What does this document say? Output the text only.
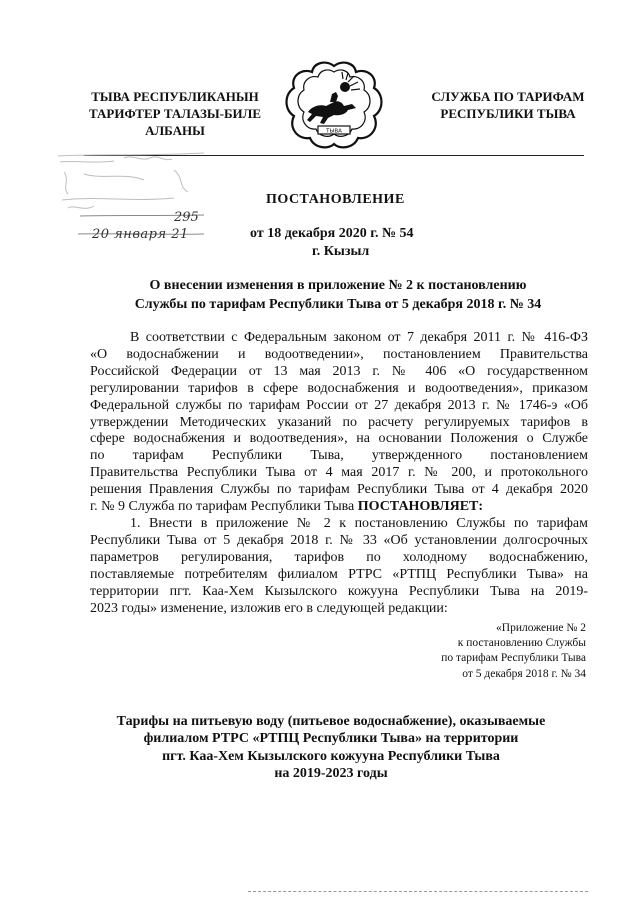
ТЫВА РЕСПУБЛИКАНЫН
ТАРИФТЕР ТАЛАЗЫ-БИЛЕ
АЛБАНЫ	ТЫВА
СЛУЖБА ПО ТАРИФАМ
РЕСПУБЛИКИ ТЫВА
295
20 января 21
ПОСТАНОВЛЕНИЕ
от 18 декабря 2020 г. № 54
г. Кызыл
О внесении изменения в приложение № 2 к постановлению
Службы по тарифам Республики Тыва от 5 декабря 2018 г. № 34
В соответствии с Федеральным законом от 7 декабря 2011 г. № 416-ФЗ
«О водоснабжении и водоотведении», постановлением Правительства
Российской Федерации от 13 мая 2013 г. № 406 «О государственном
регулировании тарифов в сфере водоснабжения и водоотведения», приказом
Федеральной службы по тарифам России от 27 декабря 2013 г. № 1746-э «Об
утверждении Методических указаний по расчету регулируемых тарифов в
сфере водоснабжения и водоотведения», на основании Положения о Службе
по тарифам Республики Тыва, утвержденного постановлением
Правительства Республики Тыва от 4 мая 2017 г. № 200, и протокольного
решения Правления Службы по тарифам Республики Тыва от 4 декабря 2020
г. № 9 Служба по тарифам Республики Тыва ПОСТАНОВЛЯЕТ:
1. Внести в приложение № 2 к постановлению Службы по тарифам
Республики Тыва от 5 декабря 2018 г. № 33 «Об установлении долгосрочных
параметров регулирования, тарифов по холодному водоснабжению,
поставляемые потребителям филиалом РТРС «РТПЦ Республики Тыва» на
территории пгт. Каа-Хем Кызылского кожууна Республики Тыва на 2019-
2023 годы» изменение, изложив его в следующей редакции:
«Приложение № 2
к постановлению Службы
по тарифам Республики Тыва
от 5 декабря 2018 г. № 34
Тарифы на питьевую воду (питьевое водоснабжение), оказываемые
филиалом РТРС «РТПЦ Республики Тыва» на территории
пгт. Каа-Хем Кызылского кожууна Республики Тыва
на 2019-2023 годы
